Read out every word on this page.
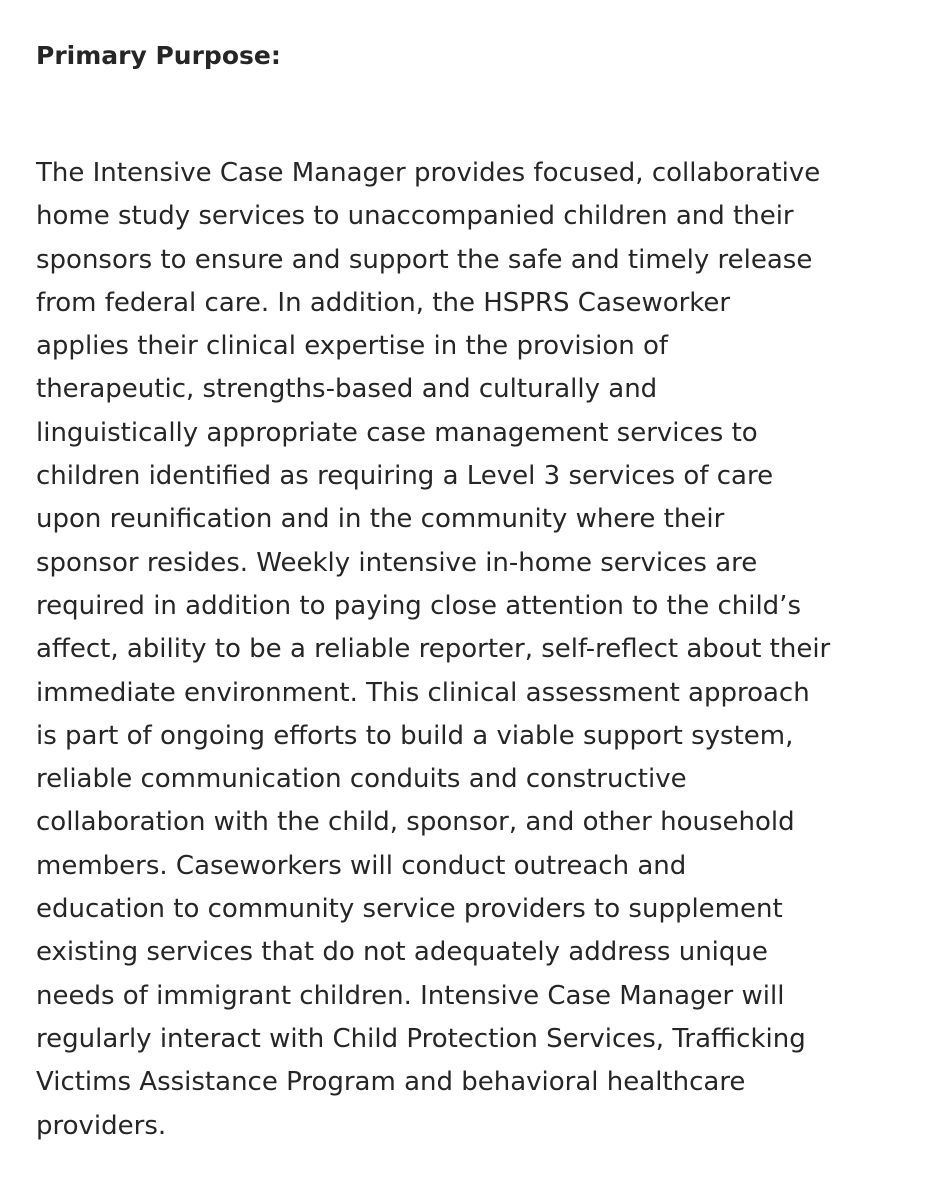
Primary Purpose:

The Intensive Case Manager provides focused, collaborative
home study services to unaccompanied children and their
sponsors to ensure and support the safe and timely release
from federal care. In addition, the HSPRS Caseworker
applies their clinical expertise in the provision of
therapeutic, strengths-based and culturally and
linguistically appropriate case management services to
children identified as requiring a Level 3 services of care
upon reunification and in the community where their
sponsor resides. Weekly intensive in-home services are
required in addition to paying close attention to the child’s
affect, ability to be a reliable reporter, self-reflect about their
immediate environment. This clinical assessment approach
is part of ongoing efforts to build a viable support system,
reliable communication conduits and constructive
collaboration with the child, sponsor, and other household
members. Caseworkers will conduct outreach and
education to community service providers to supplement
existing services that do not adequately address unique
needs of immigrant children. Intensive Case Manager will
regularly interact with Child Protection Services, Trafficking
Victims Assistance Program and behavioral healthcare
providers.
